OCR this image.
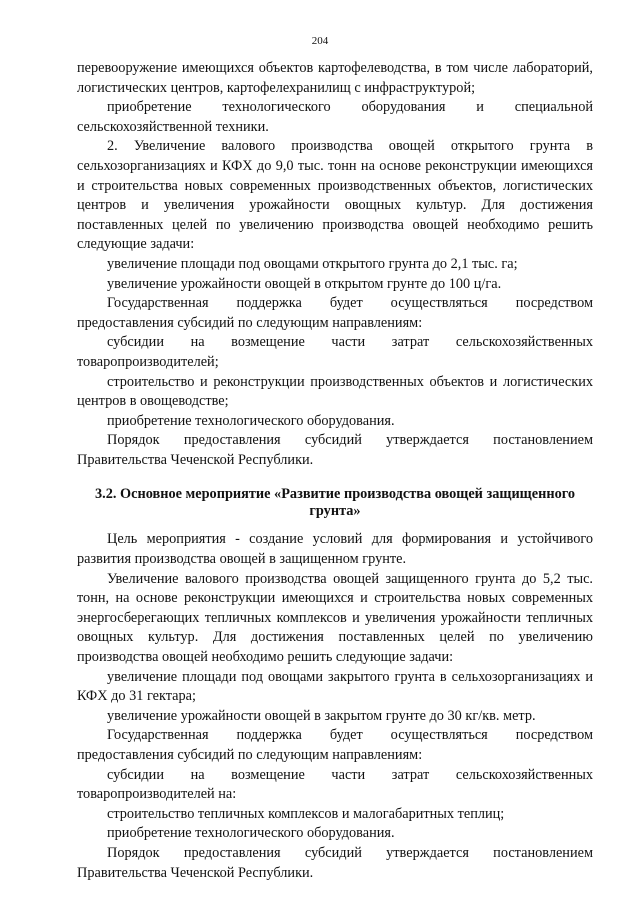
204

перевооружение имеющихся объектов картофелеводства, в том числе лабораторий, логистических центров, картофелехранилищ с инфраструктурой;

приобретение технологического оборудования и специальной сельскохозяйственной техники.

2. Увеличение валового производства овощей открытого грунта в сельхозорганизациях и КФХ до 9,0 тыс. тонн на основе реконструкции имеющихся и строительства новых современных производственных объектов, логистических центров и увеличения урожайности овощных культур. Для достижения поставленных целей по увеличению производства овощей необходимо решить следующие задачи:

увеличение площади под овощами открытого грунта до 2,1 тыс. га;

увеличение урожайности овощей в открытом грунте до 100 ц/га.

Государственная поддержка будет осуществляться посредством предоставления субсидий по следующим направлениям:

субсидии на возмещение части затрат сельскохозяйственных товаропроизводителей;

строительство и реконструкции производственных объектов и логистических центров в овощеводстве;

приобретение технологического оборудования.

Порядок предоставления субсидий утверждается постановлением Правительства Чеченской Республики.

3.2. Основное мероприятие «Развитие производства овощей защищенного грунта»

Цель мероприятия - создание условий для формирования и устойчивого развития производства овощей в защищенном грунте.

Увеличение валового производства овощей защищенного грунта до 5,2 тыс. тонн, на основе реконструкции имеющихся и строительства новых современных энергосберегающих тепличных комплексов и увеличения урожайности тепличных овощных культур. Для достижения поставленных целей по увеличению производства овощей необходимо решить следующие задачи:

увеличение площади под овощами закрытого грунта в сельхозорганизациях и КФХ до 31 гектара;

увеличение урожайности овощей в закрытом грунте до 30 кг/кв. метр.

Государственная поддержка будет осуществляться посредством предоставления субсидий по следующим направлениям:

субсидии на возмещение части затрат сельскохозяйственных товаропроизводителей на:

строительство тепличных комплексов и малогабаритных теплиц;

приобретение технологического оборудования.

Порядок предоставления субсидий утверждается постановлением Правительства Чеченской Республики.
